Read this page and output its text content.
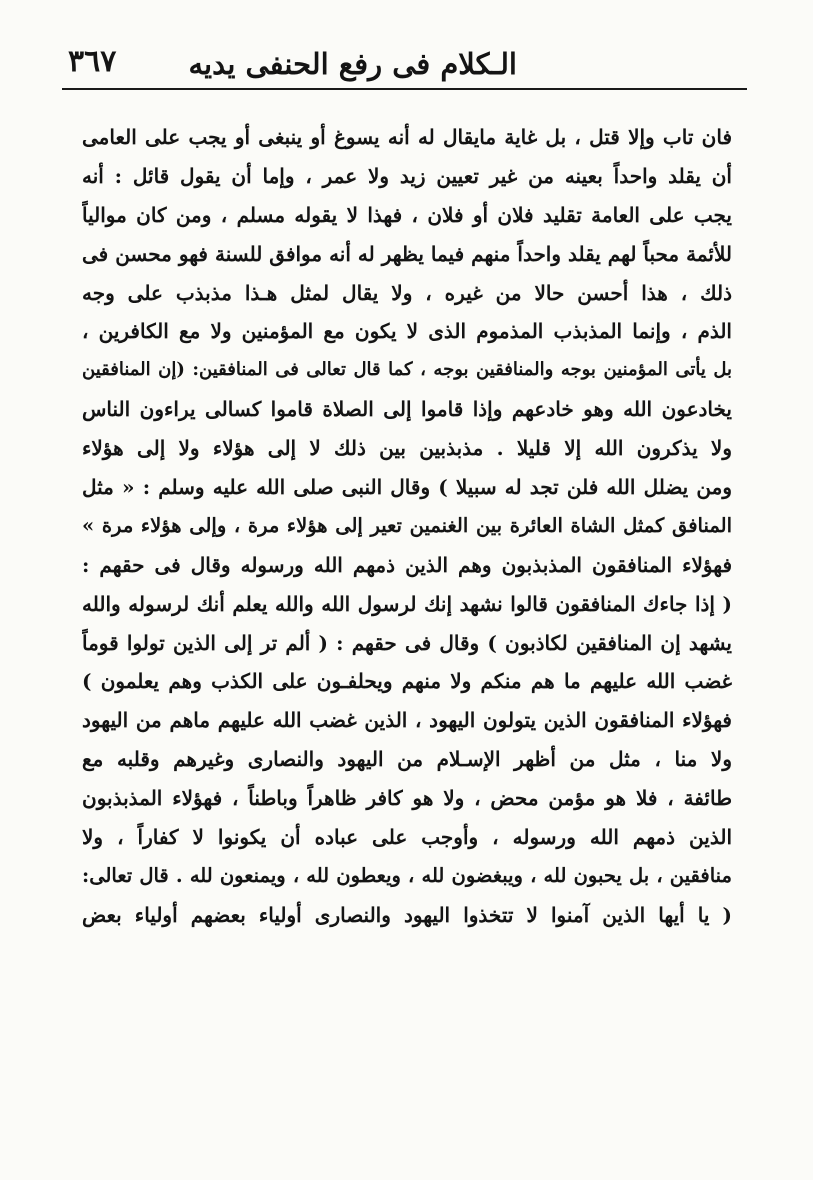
الـكلام فى رفع الحنفى يديه
٣٦٧
فان تاب وإلا قتل ، بل غاية مايقال له أنه يسوغ أو ينبغى أو يجب على العامى
أن يقلد واحداً بعينه من غير تعيين زيد ولا عمر ، وإما أن يقول قائل : أنه
يجب على العامة تقليد فلان أو فلان ، فهذا لا يقوله مسلم ، ومن كان موالياً
للأئمة محباً لهم يقلد واحداً منهم فيما يظهر له أنه موافق للسنة فهو محسن فى
ذلك ، هذا أحسن حالا من غيره ، ولا يقال لمثل هـذا مذبذب على وجه
الذم ، وإنما المذبذب المذموم الذى لا يكون مع المؤمنين ولا مع الكافرين ،
بل يأتى المؤمنين بوجه والمنافقين بوجه ، كما قال تعالى فى المنافقين: (إن المنافقين
يخادعون الله وهو خادعهم وإذا قاموا إلى الصلاة قاموا كسالى يراءون الناس
ولا يذكرون الله إلا قليلا . مذبذبين بين ذلك لا إلى هؤلاء ولا إلى هؤلاء
ومن يضلل الله فلن تجد له سبيلا ) وقال النبى صلى الله عليه وسلم : « مثل
المنافق كمثل الشاة العائرة بين الغنمين تعير إلى هؤلاء مرة ، وإلى هؤلاء مرة »
فهؤلاء المنافقون المذبذبون وهم الذين ذمهم الله ورسوله وقال فى حقهم :
( إذا جاءك المنافقون قالوا نشهد إنك لرسول الله والله يعلم أنك لرسوله والله
يشهد إن المنافقين لكاذبون ) وقال فى حقهم : ( ألم تر إلى الذين تولوا قوماً
غضب الله عليهم ما هم منكم ولا منهم ويحلفـون على الكذب وهم يعلمون )
فهؤلاء المنافقون الذين يتولون اليهود ، الذين غضب الله عليهم ماهم من اليهود
ولا منا ، مثل من أظهر الإسـلام من اليهود والنصارى وغيرهم وقلبه مع
طائفة ، فلا هو مؤمن محض ، ولا هو كافر ظاهراً وباطناً ، فهؤلاء المذبذبون
الذين ذمهم الله ورسوله ، وأوجب على عباده أن يكونوا لا كفاراً ، ولا
منافقين ، بل يحبون لله ، ويبغضون لله ، ويعطون لله ، ويمنعون لله . قال تعالى:
( يا أيها الذين آمنوا لا تتخذوا اليهود والنصارى أولياء بعضهم أولياء بعض
